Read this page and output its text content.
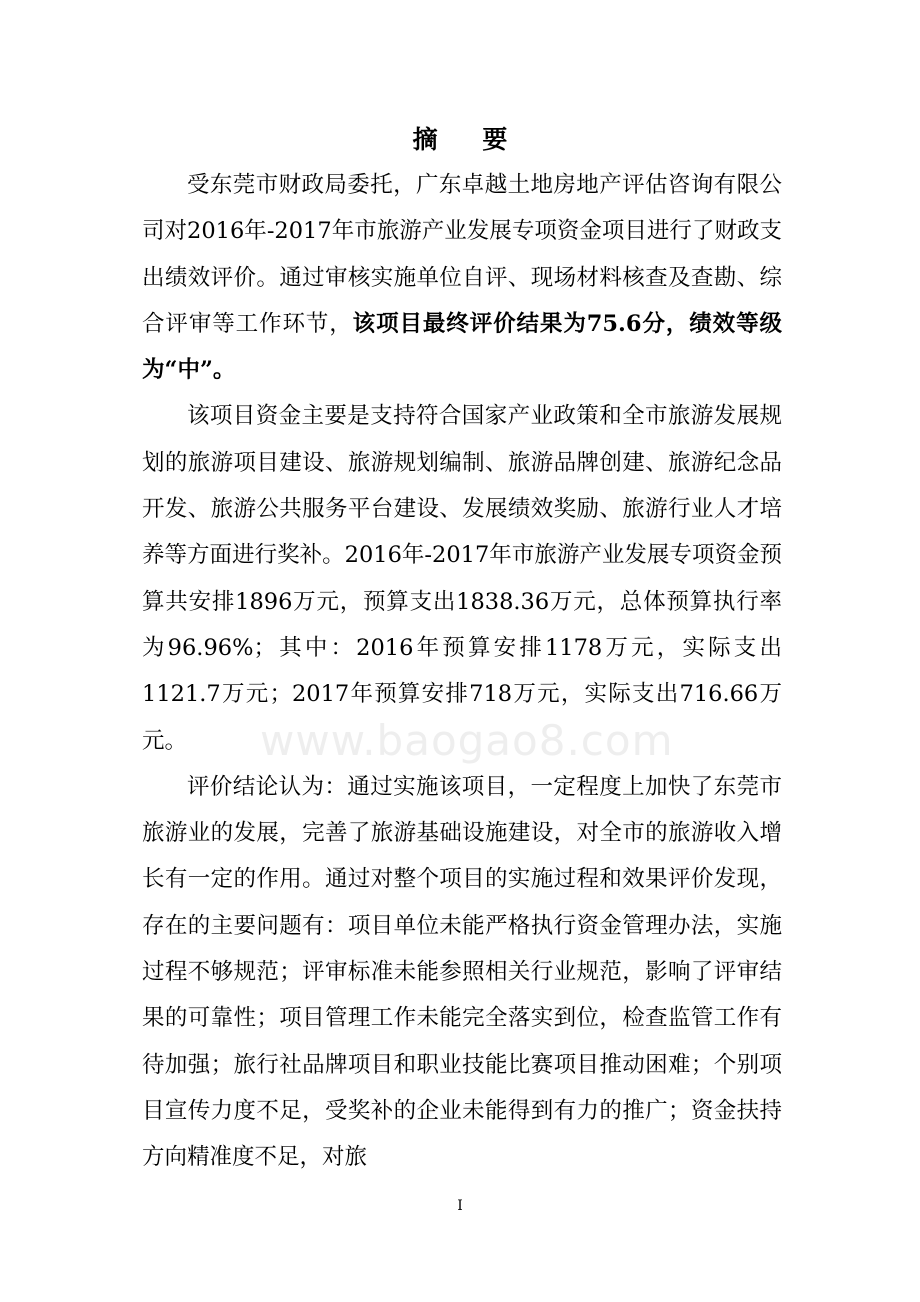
摘 要

受东莞市财政局委托，广东卓越土地房地产评估咨询有限公司对2016年-2017年市旅游产业发展专项资金项目进行了财政支出绩效评价。通过审核实施单位自评、现场材料核查及查勘、综合评审等工作环节，该项目最终评价结果为75.6分，绩效等级为“中”。

该项目资金主要是支持符合国家产业政策和全市旅游发展规划的旅游项目建设、旅游规划编制、旅游品牌创建、旅游纪念品开发、旅游公共服务平台建设、发展绩效奖励、旅游行业人才培养等方面进行奖补。2016年-2017年市旅游产业发展专项资金预算共安排1896万元，预算支出1838.36万元，总体预算执行率为96.96%；其中：2016年预算安排1178万元，实际支出1121.7万元；2017年预算安排718万元，实际支出716.66万元。

评价结论认为：通过实施该项目，一定程度上加快了东莞市旅游业的发展，完善了旅游基础设施建设，对全市的旅游收入增长有一定的作用。通过对整个项目的实施过程和效果评价发现，存在的主要问题有：项目单位未能严格执行资金管理办法，实施过程不够规范；评审标准未能参照相关行业规范，影响了评审结果的可靠性；项目管理工作未能完全落实到位，检查监管工作有待加强；旅行社品牌项目和职业技能比赛项目推动困难；个别项目宣传力度不足，受奖补的企业未能得到有力的推广；资金扶持方向精准度不足，对旅

www.baogao8.com
I
